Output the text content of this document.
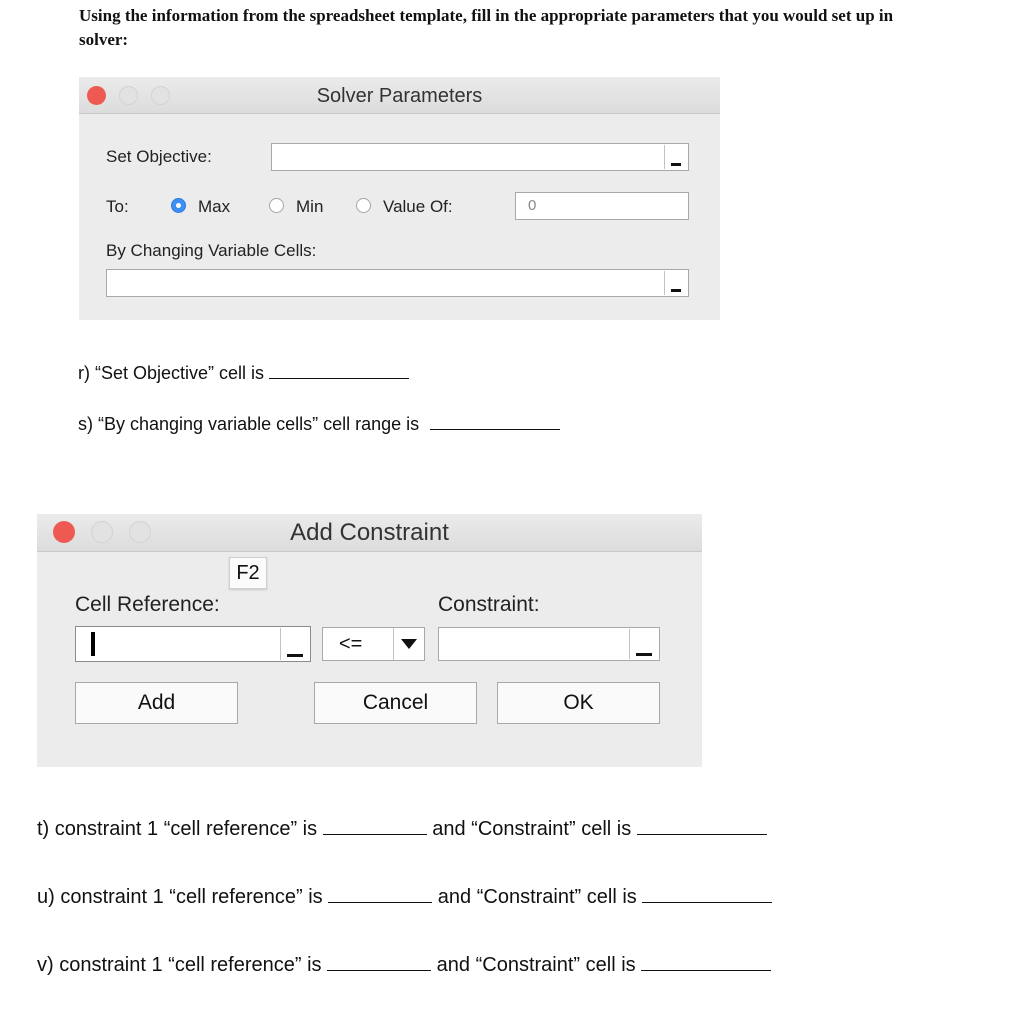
Using the information from the spreadsheet template, fill in the appropriate parameters that you would set up in solver:
Solver Parameters
Set Objective:
To:	Max	Min	Value Of:	0
By Changing Variable Cells:
r) “Set Objective” cell is
s) “By changing variable cells” cell range is
Add Constraint
F2
Cell Reference:	Constraint:
<=
Add	Cancel	OK
t) constraint 1 “cell reference” is	and “Constraint” cell is
u) constraint 1 “cell reference” is	and “Constraint” cell is
v) constraint 1 “cell reference” is	and “Constraint” cell is
